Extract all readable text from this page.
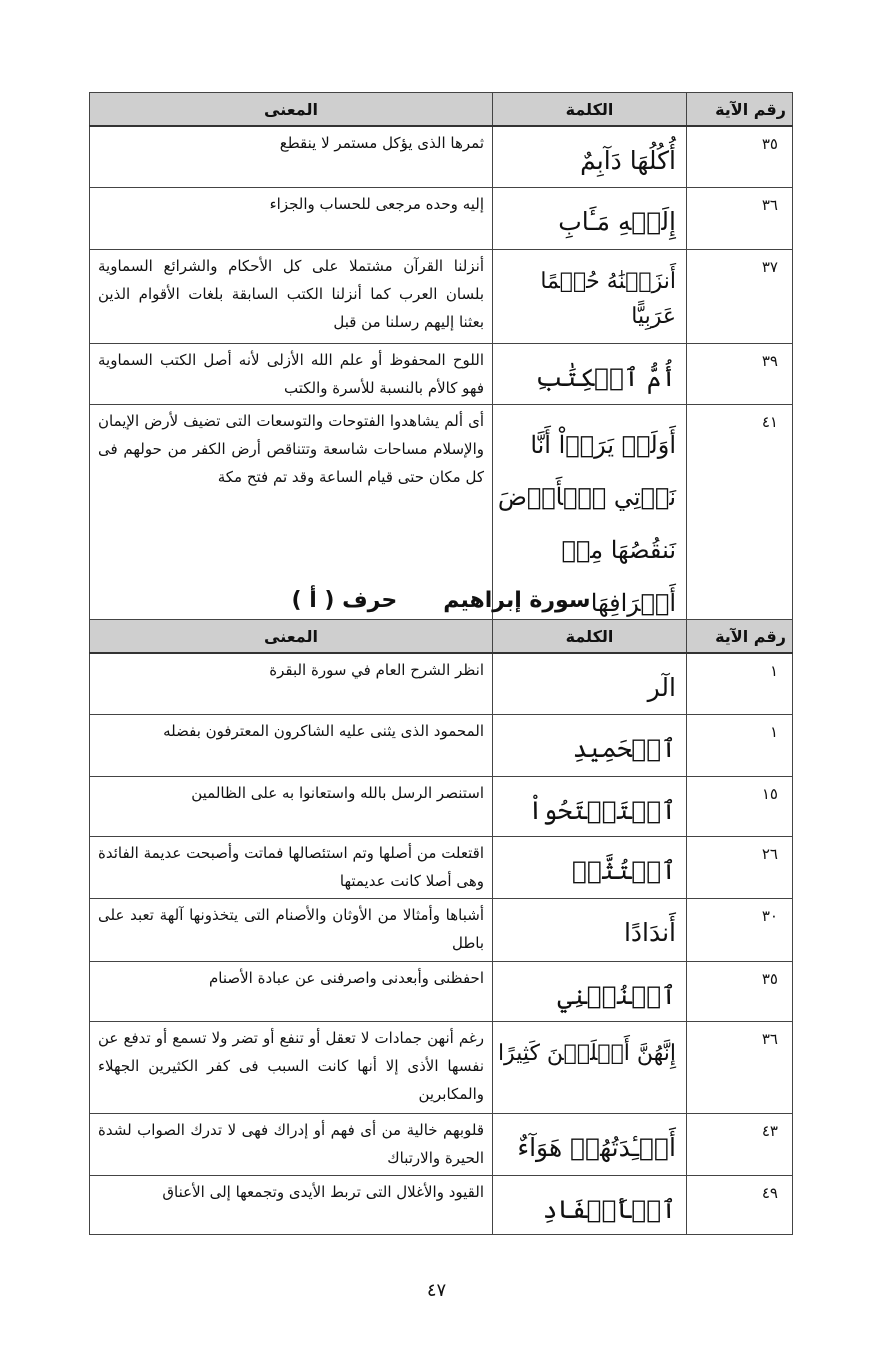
رقم الآية	الكلمة	المعنى
٣٥	أُكُلُهَا دَآبِمٌ	ثمرها الذى يؤكل مستمر لا ينقطع
٣٦	إِلَيۡهِ مَـَٔابِ	إليه وحده مرجعى للحساب والجزاء
٣٧	أَنزَلۡنَٰهُ حُكۡمًا عَرَبِيًّا	أنزلنا القرآن مشتملا على كل الأحكام والشرائع السماوية بلسان العرب كما أنزلنا الكتب السابقة بلغات الأقوام الذين بعثنا إليهم رسلنا من قبل
٣٩	أُمُّ ٱلۡكِتَٰبِ	اللوح المحفوظ أو علم الله الأزلى لأنه أصل الكتب السماوية فهو كالأم بالنسبة للأسرة والكتب
٤١	أَوَلَمۡ يَرَوۡاْ أَنَّا نَأۡتِي ٱلۡأَرۡضَ نَنقُصُهَا مِنۡ أَطۡرَافِهَا	أى ألم يشاهدوا الفتوحات والتوسعات التى تضيف لأرض الإيمان والإسلام مساحات شاسعة وتتناقص أرض الكفر من حولهم فى كل مكان حتى قيام الساعة وقد تم فتح مكة
سورة إبراهيمحرف ( أ )
رقم الآية	الكلمة	المعنى
١	الٓر	انظر الشرح العام في سورة البقرة
١	ٱلۡحَمِيدِ	المحمود الذى يثنى عليه الشاكرون المعترفون بفضله
١٥	ٱسۡتَفۡتَحُواْ	استنصر الرسل بالله واستعانوا به على الظالمين
٢٦	ٱجۡتُثَّتۡ	اقتعلت من أصلها وتم استئصالها فماتت وأصبحت عديمة الفائدة وهى أصلا كانت عديمتها
٣٠	أَندَادًا	أشباها وأمثالا من الأوثان والأصنام التى يتخذونها آلهة تعبد على باطل
٣٥	ٱجۡنُبۡنِي	احفظنى وأبعدنى واصرفنى عن عبادة الأصنام
٣٦	إِنَّهُنَّ أَضۡلَلۡنَ كَثِيرًا	رغم أنهن جمادات لا تعقل أو تنفع أو تضر ولا تسمع أو تدفع عن نفسها الأذى إلا أنها كانت السبب فى كفر الكثيرين الجهلاء والمكابرين
٤٣	أَفۡـِٔدَتُهُمۡ هَوَآءٌ	قلوبهم خالية من أى فهم أو إدراك فهى لا تدرك الصواب لشدة الحيرة والارتباك
٤٩	ٱلۡأَصۡفَادِ	القيود والأغلال التى تربط الأيدى وتجمعها إلى الأعناق
٤٧
